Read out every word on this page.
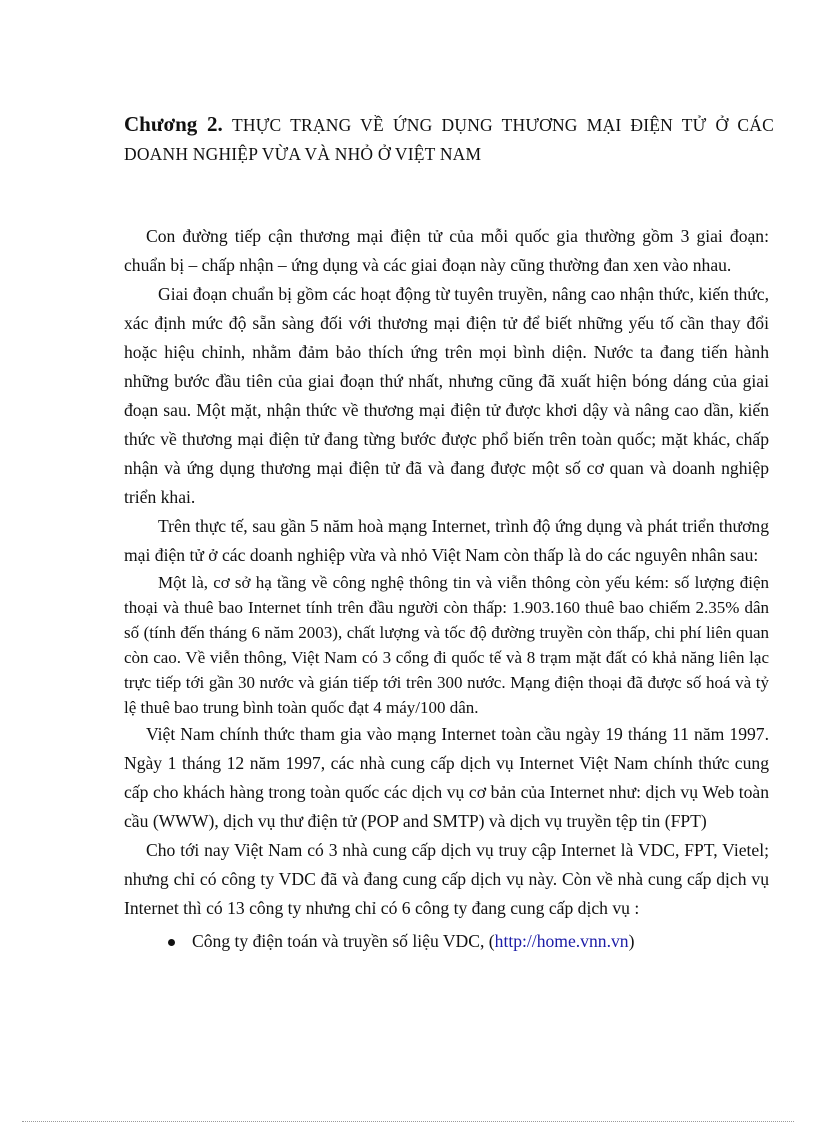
Chương 2. THỰC TRẠNG VỀ ỨNG DỤNG THƯƠNG MẠI ĐIỆN TỬ Ở CÁC DOANH NGHIỆP VỪA VÀ NHỎ Ở VIỆT NAM

Con đường tiếp cận thương mại điện tử của mỗi quốc gia thường gồm 3 giai đoạn: chuẩn bị – chấp nhận – ứng dụng và các giai đoạn này cũng thường đan xen vào nhau.

Giai đoạn chuẩn bị gồm các hoạt động từ tuyên truyền, nâng cao nhận thức, kiến thức, xác định mức độ sẵn sàng đối với thương mại điện tử để biết những yếu tố cần thay đổi hoặc hiệu chỉnh, nhằm đảm bảo thích ứng trên mọi bình diện. Nước ta đang tiến hành những bước đầu tiên của giai đoạn thứ nhất, nhưng cũng đã xuất hiện bóng dáng của giai đoạn sau. Một mặt, nhận thức về thương mại điện tử được khơi dậy và nâng cao dần, kiến thức về thương mại điện tử đang từng bước được phổ biến trên toàn quốc; mặt khác, chấp nhận và ứng dụng thương mại điện tử đã và đang được một số cơ quan và doanh nghiệp triển khai.

Trên thực tế, sau gần 5 năm hoà mạng Internet, trình độ ứng dụng và phát triển thương mại điện tử ở các doanh nghiệp vừa và nhỏ Việt Nam còn thấp là do các nguyên nhân sau:

Một là, cơ sở hạ tầng về công nghệ thông tin và viễn thông còn yếu kém: số lượng điện thoại và thuê bao Internet tính trên đầu người còn thấp: 1.903.160 thuê bao chiếm 2.35% dân số (tính đến tháng 6 năm 2003), chất lượng và tốc độ đường truyền còn thấp, chi phí liên quan còn cao. Về viễn thông, Việt Nam có 3 cổng đi quốc tế và 8 trạm mặt đất có khả năng liên lạc trực tiếp tới gần 30 nước và gián tiếp tới trên 300 nước. Mạng điện thoại đã được số hoá và tỷ lệ thuê bao trung bình toàn quốc đạt 4 máy/100 dân.

Việt Nam chính thức tham gia vào mạng Internet toàn cầu ngày 19 tháng 11 năm 1997. Ngày 1 tháng 12 năm 1997, các nhà cung cấp dịch vụ Internet Việt Nam chính thức cung cấp cho khách hàng trong toàn quốc các dịch vụ cơ bản của Internet như: dịch vụ Web toàn cầu (WWW), dịch vụ thư điện tử (POP and SMTP) và dịch vụ truyền tệp tin (FPT)

Cho tới nay Việt Nam có 3 nhà cung cấp dịch vụ truy cập Internet là VDC, FPT, Vietel; nhưng chỉ có công ty VDC đã và đang cung cấp dịch vụ này. Còn về nhà cung cấp dịch vụ Internet thì có 13 công ty nhưng chỉ có 6 công ty đang cung cấp dịch vụ :

Công ty điện toán và truyền số liệu VDC, (http://home.vnn.vn)
